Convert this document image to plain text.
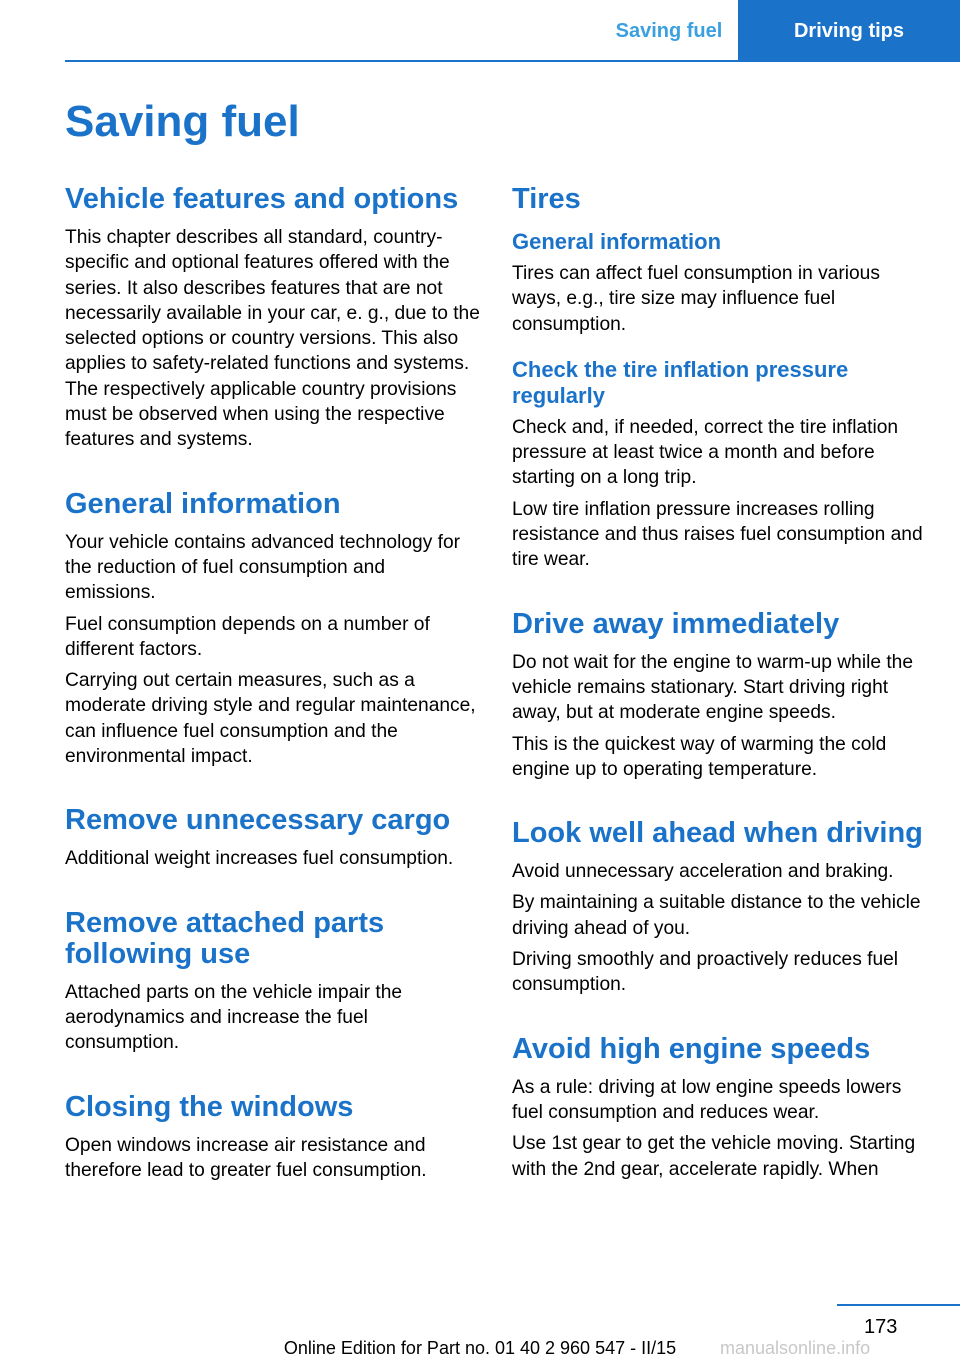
Saving fuel	Driving tips
Saving fuel
Vehicle features and options

This chapter describes all standard, country-specific and optional features offered with the series. It also describes features that are not necessarily available in your car, e. g., due to the selected options or country versions. This also applies to safety-related functions and systems. The respectively applicable country provisions must be observed when using the respective features and systems.

General information

Your vehicle contains advanced technology for the reduction of fuel consumption and emissions.

Fuel consumption depends on a number of different factors.

Carrying out certain measures, such as a moderate driving style and regular maintenance, can influence fuel consumption and the environmental impact.

Remove unnecessary cargo

Additional weight increases fuel consumption.

Remove attached parts following use

Attached parts on the vehicle impair the aerodynamics and increase the fuel consumption.

Closing the windows

Open windows increase air resistance and therefore lead to greater fuel consumption.

Tires
General information

Tires can affect fuel consumption in various ways, e.g., tire size may influence fuel consumption.

Check the tire inflation pressure regularly

Check and, if needed, correct the tire inflation pressure at least twice a month and before starting on a long trip.

Low tire inflation pressure increases rolling resistance and thus raises fuel consumption and tire wear.

Drive away immediately

Do not wait for the engine to warm-up while the vehicle remains stationary. Start driving right away, but at moderate engine speeds.

This is the quickest way of warming the cold engine up to operating temperature.

Look well ahead when driving

Avoid unnecessary acceleration and braking.

By maintaining a suitable distance to the vehicle driving ahead of you.

Driving smoothly and proactively reduces fuel consumption.

Avoid high engine speeds

As a rule: driving at low engine speeds lowers fuel consumption and reduces wear.

Use 1st gear to get the vehicle moving. Starting with the 2nd gear, accelerate rapidly. When

173
Online Edition for Part no. 01 40 2 960 547 - II/15	manualsonline.info
